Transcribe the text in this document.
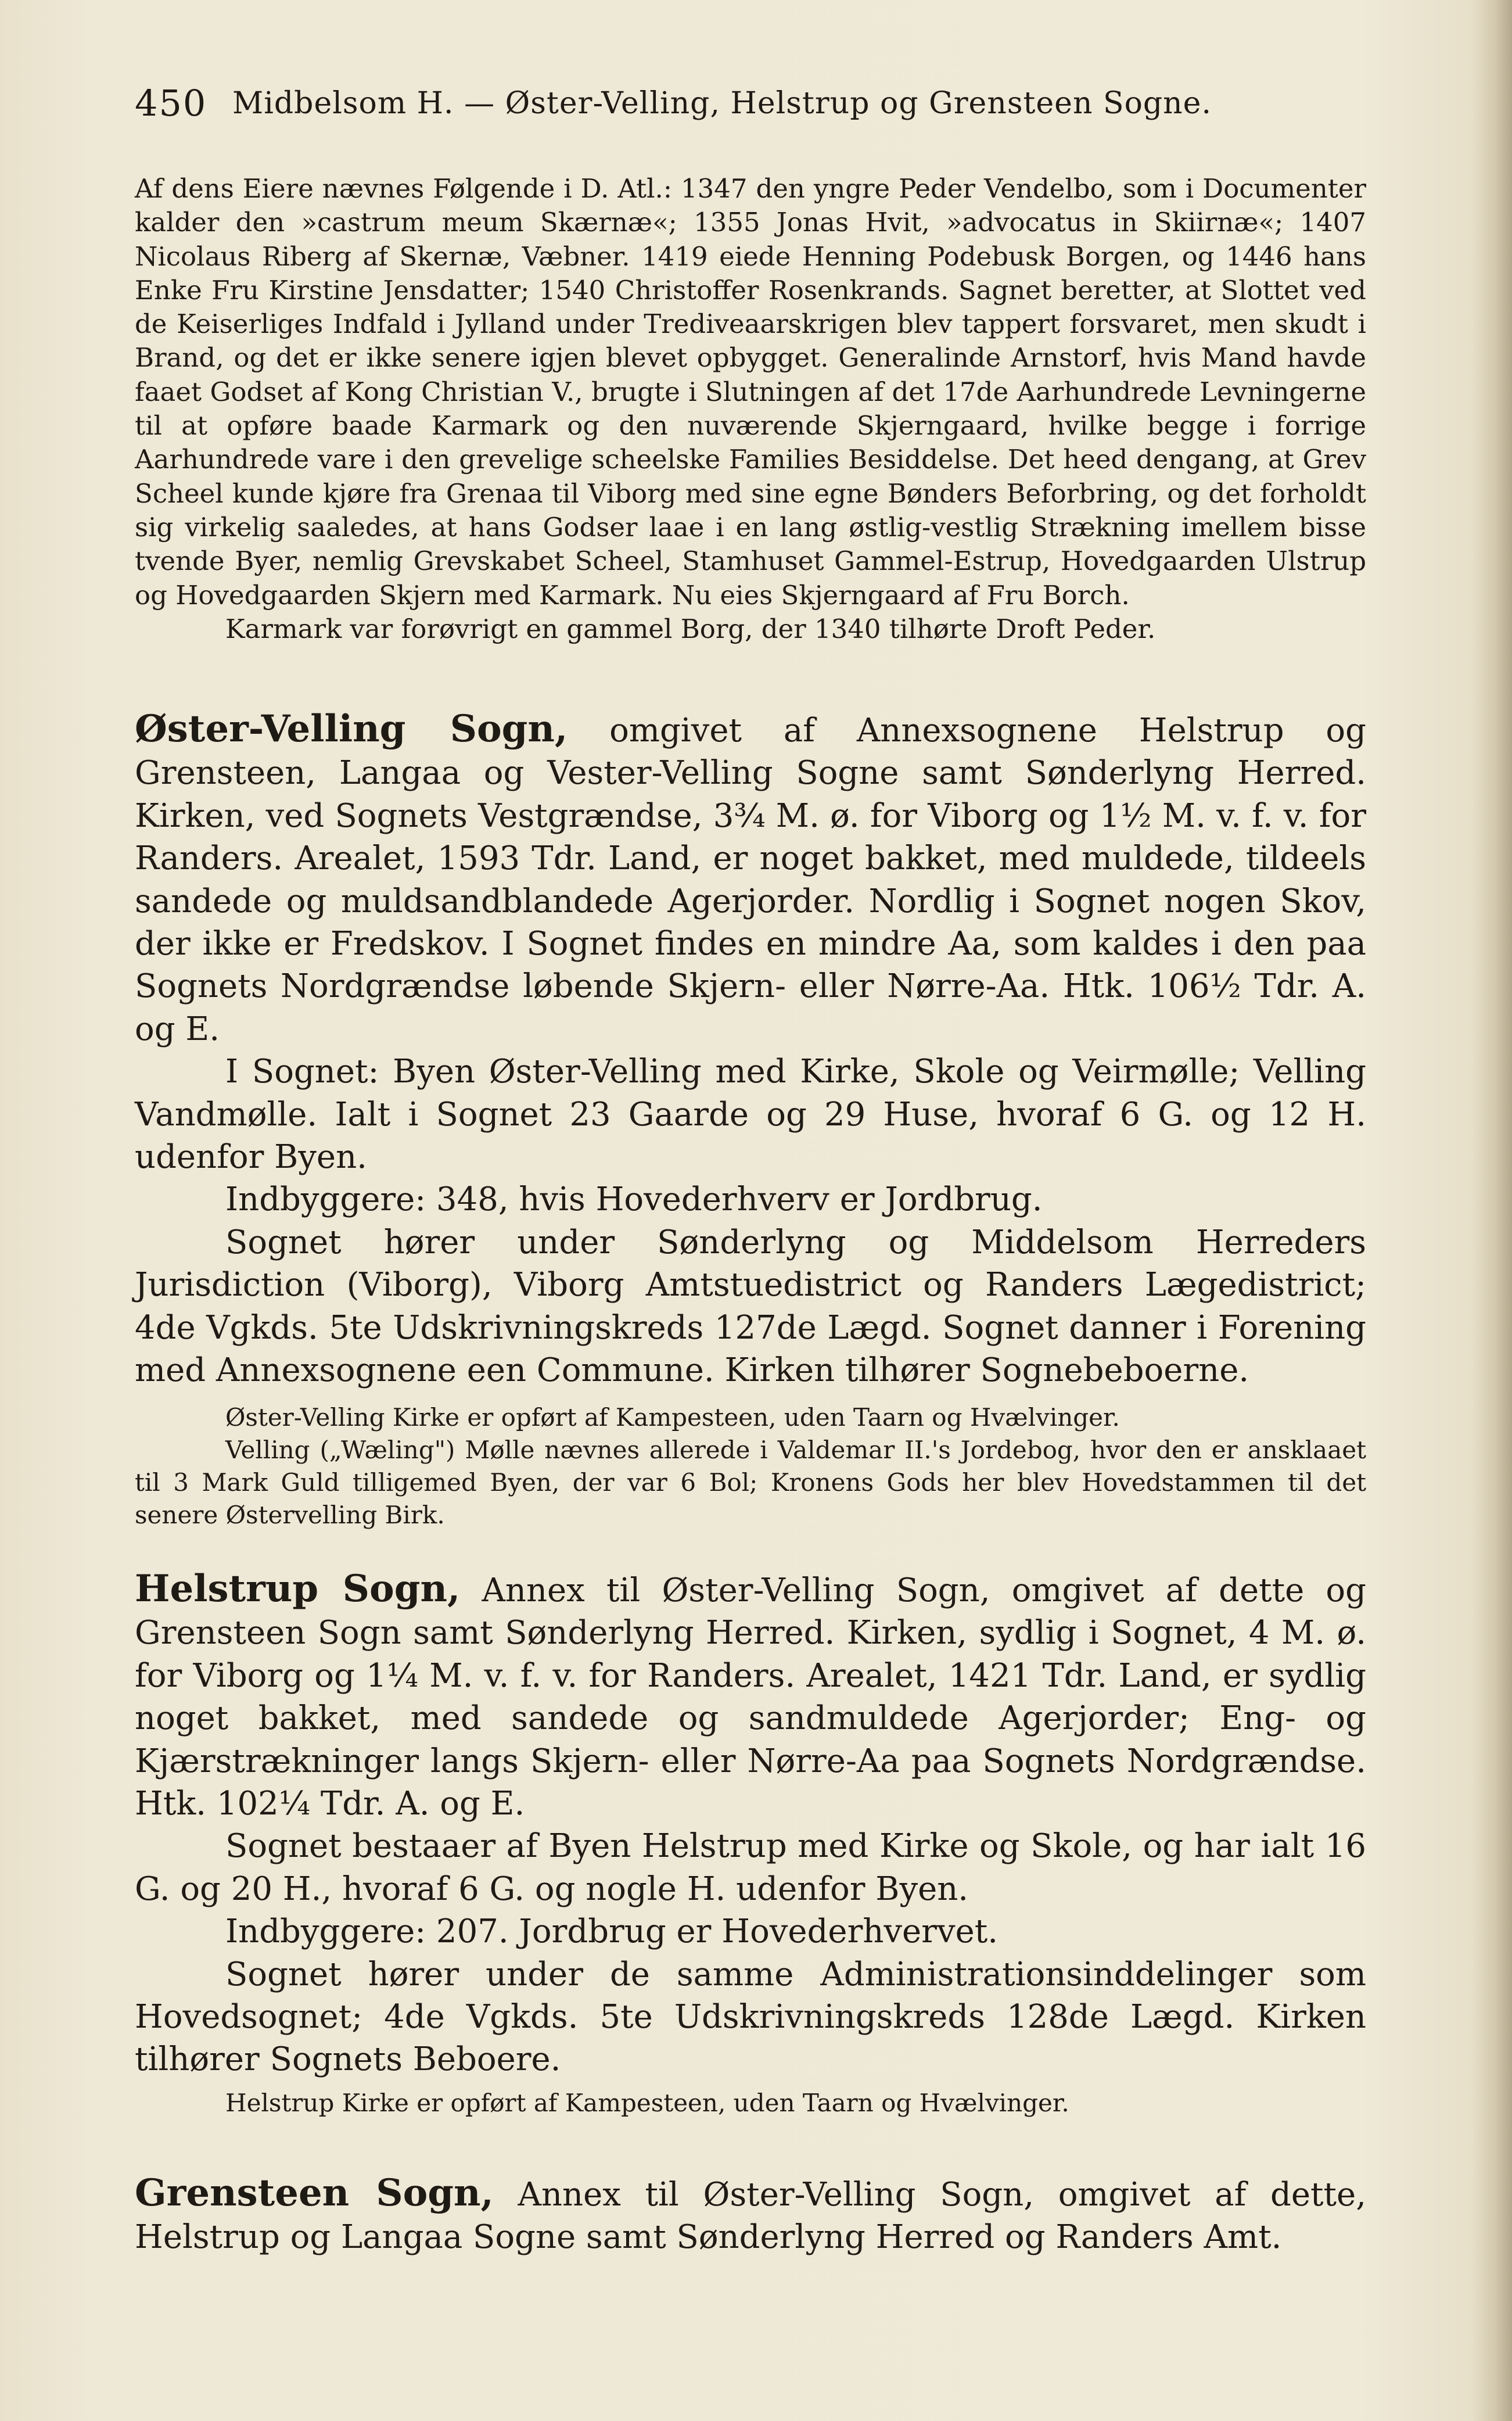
450 Midbelsom H. — Øster-Velling, Helstrup og Grensteen Sogne.

Af dens Eiere nævnes Følgende i D. Atl.: 1347 den yngre Peder Vendelbo, som i Documenter kalder den »castrum meum Skærnæ«; 1355 Jonas Hvit, »advocatus in Skiirnæ«; 1407 Nicolaus Riberg af Skernæ, Væbner. 1419 eiede Henning Podebusk Borgen, og 1446 hans Enke Fru Kirstine Jensdatter; 1540 Christoffer Rosenkrands. Sagnet beretter, at Slottet ved de Keiserliges Indfald i Jylland under Trediveaarskrigen blev tappert forsvaret, men skudt i Brand, og det er ikke senere igjen blevet opbygget. Generalinde Arnstorf, hvis Mand havde faaet Godset af Kong Christian V., brugte i Slutningen af det 17de Aarhundrede Levningerne til at opføre baade Karmark og den nuværende Skjerngaard, hvilke begge i forrige Aarhundrede vare i den grevelige scheelske Families Besiddelse. Det heed dengang, at Grev Scheel kunde kjøre fra Grenaa til Viborg med sine egne Bønders Beforbring, og det forholdt sig virkelig saaledes, at hans Godser laae i en lang østlig-vestlig Strækning imellem bisse tvende Byer, nemlig Grevskabet Scheel, Stamhuset Gammel-Estrup, Hovedgaarden Ulstrup og Hovedgaarden Skjern med Karmark. Nu eies Skjerngaard af Fru Borch.

Karmark var forøvrigt en gammel Borg, der 1340 tilhørte Droft Peder.

Øster-Velling Sogn, omgivet af Annexsognene Helstrup og Grensteen, Langaa og Vester-Velling Sogne samt Sønderlyng Herred. Kirken, ved Sognets Vestgrændse, 3¾ M. ø. for Viborg og 1½ M. v. f. v. for Randers. Arealet, 1593 Tdr. Land, er noget bakket, med muldede, tildeels sandede og muldsandblandede Agerjorder. Nordlig i Sognet nogen Skov, der ikke er Fredskov. I Sognet findes en mindre Aa, som kaldes i den paa Sognets Nordgrændse løbende Skjern- eller Nørre-Aa. Htk. 106½ Tdr. A. og E.

I Sognet: Byen Øster-Velling med Kirke, Skole og Veirmølle; Velling Vandmølle. Ialt i Sognet 23 Gaarde og 29 Huse, hvoraf 6 G. og 12 H. udenfor Byen.

Indbyggere: 348, hvis Hovederhverv er Jordbrug.

Sognet hører under Sønderlyng og Middelsom Herreders Jurisdiction (Viborg), Viborg Amtstuedistrict og Randers Lægedistrict; 4de Vgkds. 5te Udskrivningskreds 127de Lægd. Sognet danner i Forening med Annexsognene een Commune. Kirken tilhører Sognebeboerne.

Øster-Velling Kirke er opført af Kampesteen, uden Taarn og Hvælvinger.

Velling („Wæling") Mølle nævnes allerede i Valdemar II.'s Jordebog, hvor den er ansklaaet til 3 Mark Guld tilligemed Byen, der var 6 Bol; Kronens Gods her blev Hovedstammen til det senere Østervelling Birk.

Helstrup Sogn, Annex til Øster-Velling Sogn, omgivet af dette og Grensteen Sogn samt Sønderlyng Herred. Kirken, sydlig i Sognet, 4 M. ø. for Viborg og 1¼ M. v. f. v. for Randers. Arealet, 1421 Tdr. Land, er sydlig noget bakket, med sandede og sandmuldede Agerjorder; Eng- og Kjærstrækninger langs Skjern- eller Nørre-Aa paa Sognets Nordgrændse. Htk. 102¼ Tdr. A. og E.

Sognet bestaaer af Byen Helstrup med Kirke og Skole, og har ialt 16 G. og 20 H., hvoraf 6 G. og nogle H. udenfor Byen.

Indbyggere: 207. Jordbrug er Hovederhvervet.

Sognet hører under de samme Administrationsinddelinger som Hovedsognet; 4de Vgkds. 5te Udskrivningskreds 128de Lægd. Kirken tilhører Sognets Beboere.

Helstrup Kirke er opført af Kampesteen, uden Taarn og Hvælvinger.

Grensteen Sogn, Annex til Øster-Velling Sogn, omgivet af dette, Helstrup og Langaa Sogne samt Sønderlyng Herred og Randers Amt.
